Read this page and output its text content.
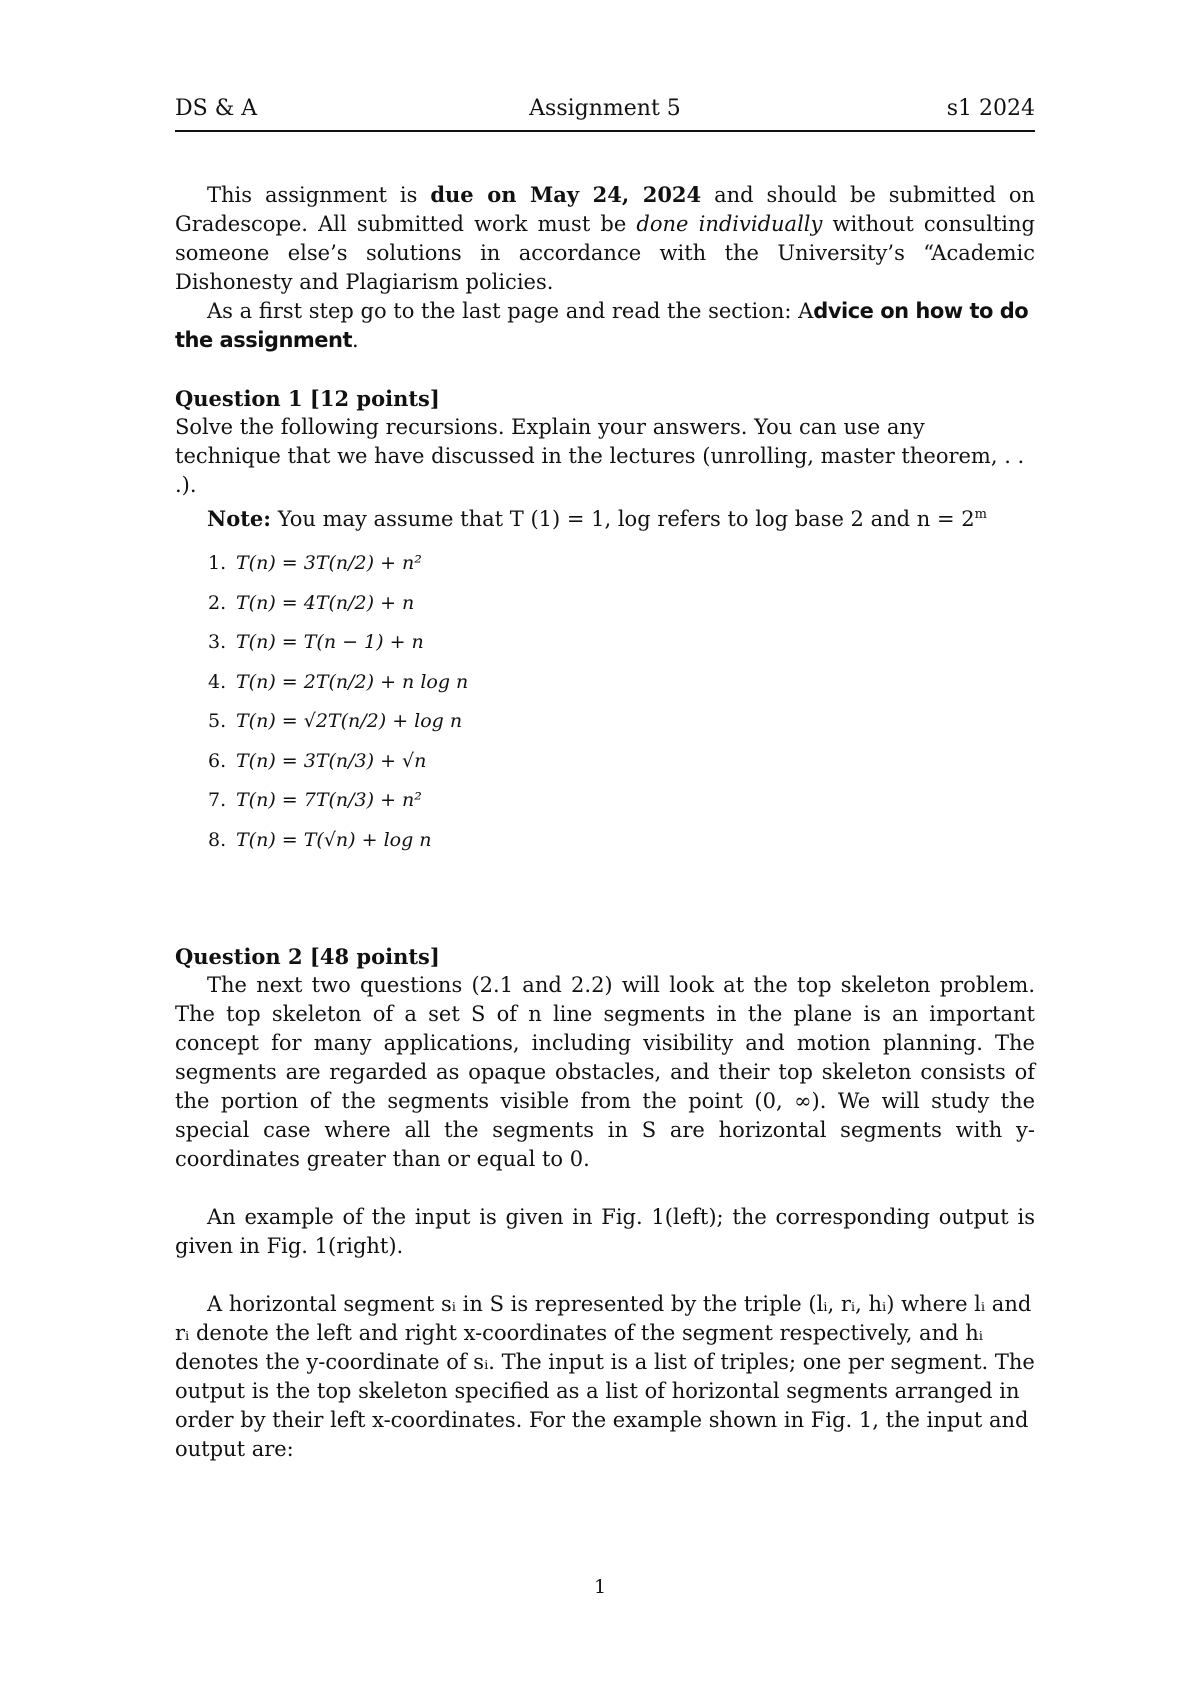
DS & A	Assignment 5	s1 2024

This assignment is due on May 24, 2024 and should be submitted on Gradescope. All submitted work must be done individually without consulting someone else’s solutions in accordance with the University’s “Academic Dishonesty and Plagiarism policies.

As a first step go to the last page and read the section: Advice on how to do the assignment.

Question 1 [12 points]

Solve the following recursions. Explain your answers. You can use any technique that we have discussed in the lectures (unrolling, master theorem, . . .).

Note: You may assume that T (1) = 1, log refers to log base 2 and $n = 2^m$

1. T(n) = 3T(n/2) + n²
2. T(n) = 4T(n/2) + n
3. T(n) = T(n − 1) + n
4. T(n) = 2T(n/2) + n log n
5. T(n) = √2T(n/2) + log n
6. T(n) = 3T(n/3) + √n
7. T(n) = 7T(n/3) + n²
8. T(n) = T(√n) + log n

Question 2 [48 points]

The next two questions (2.1 and 2.2) will look at the top skeleton problem. The top skeleton of a set S of n line segments in the plane is an important concept for many applications, including visibility and motion planning. The segments are regarded as opaque obstacles, and their top skeleton consists of the portion of the segments visible from the point (0, ∞). We will study the special case where all the segments in S are horizontal segments with y-coordinates greater than or equal to 0.

An example of the input is given in Fig. 1(left); the corresponding output is given in Fig. 1(right).

A horizontal segment sᵢ in S is represented by the triple (lᵢ, rᵢ, hᵢ) where lᵢ and rᵢ denote the left and right x-coordinates of the segment respectively, and hᵢ denotes the y-coordinate of sᵢ. The input is a list of triples; one per segment. The output is the top skeleton specified as a list of horizontal segments arranged in order by their left x-coordinates. For the example shown in Fig. 1, the input and output are:

1
